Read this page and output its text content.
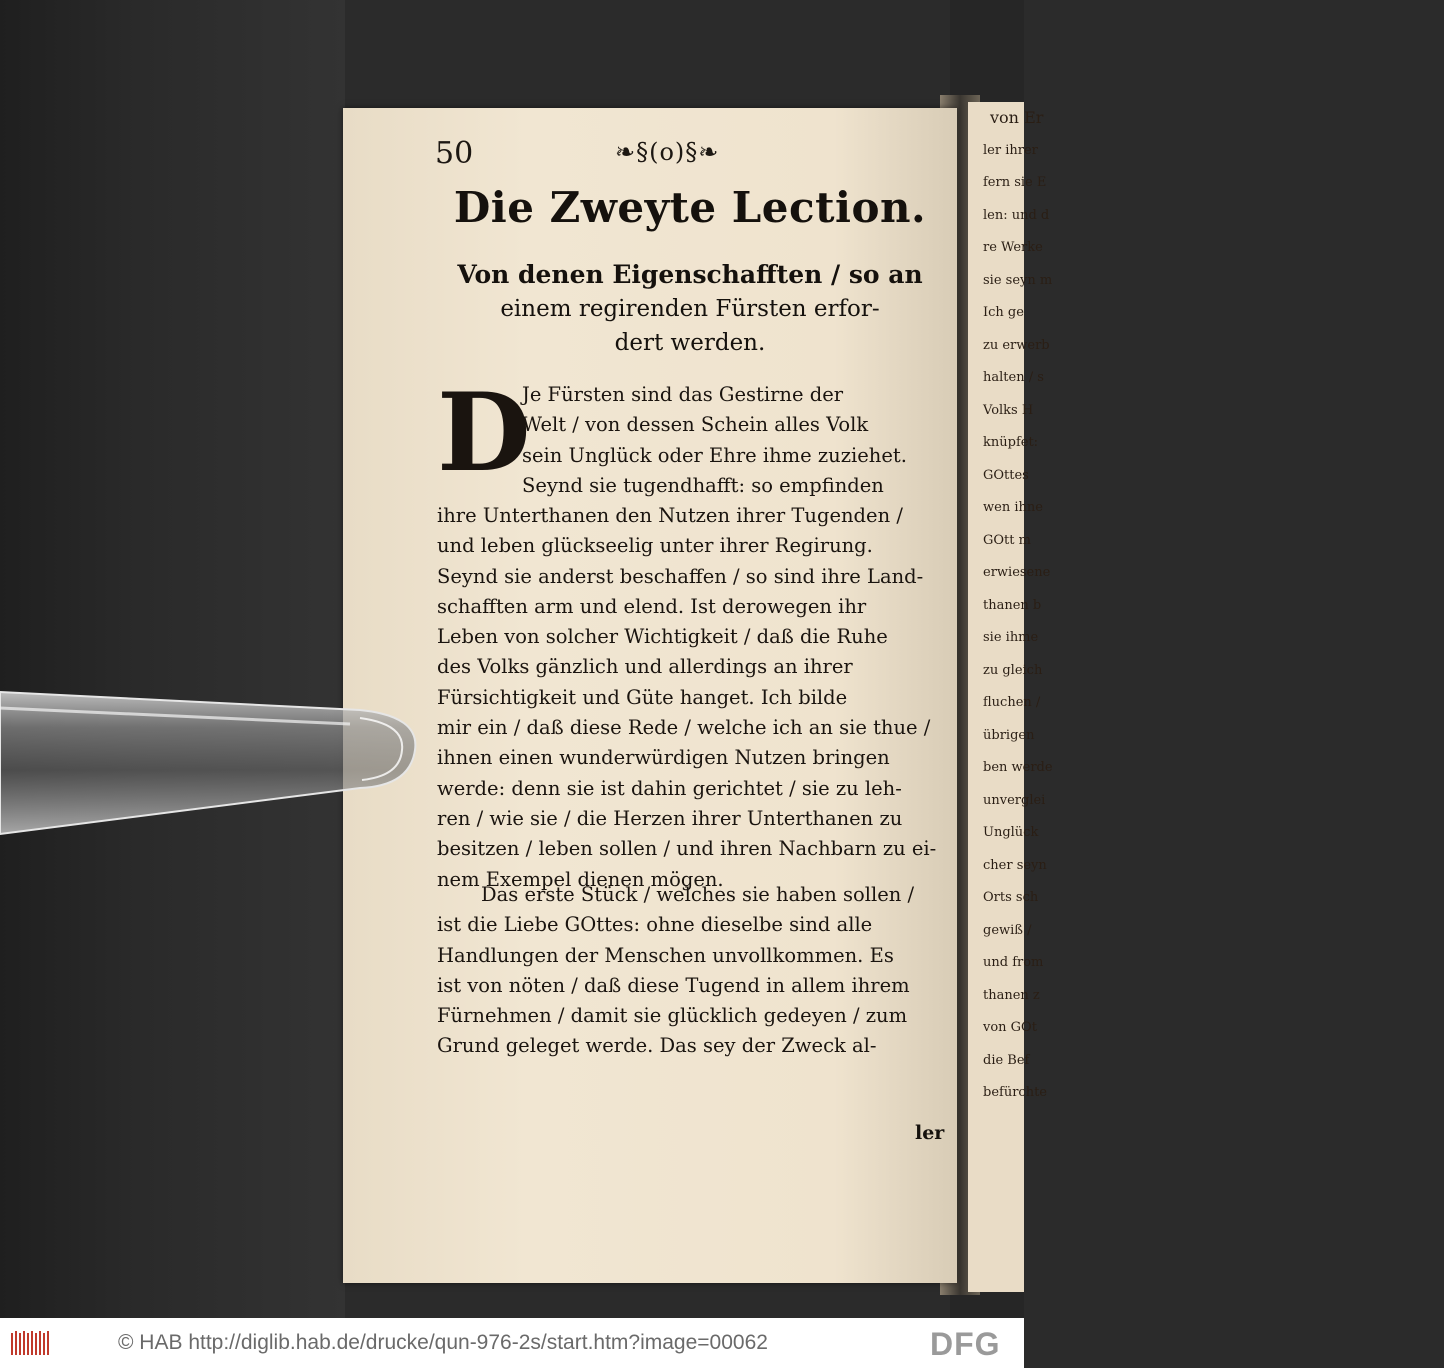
von Er
ler ihrer
fern sie E
len: und d
re Werke
sie seyn m
Ich ge
zu erwerb
halten / s
Volks H
knüpfet:
GOttes
wen ihne
GOtt m
erwiesene
thanen b
sie ihme
zu gleich
fluchen /
übrigen
ben werde
unverglei
Unglück
cher seyn
Orts sch
gewiß /
und from
thanen z
von GOt
die Bef
befürchte
50	❧§(o)§❧
Die Zweyte Lection.
Von denen Eigenschafften / so an
einem regirenden Fürsten erfor-
dert werden.
D
Je Fürsten sind das Gestirne der
Welt / von dessen Schein alles Volk
sein Unglück oder Ehre ihme zuziehet.
Seynd sie tugendhafft: so empfinden
ihre Unterthanen den Nutzen ihrer Tugenden /
und leben glückseelig unter ihrer Regirung.
Seynd sie anderst beschaffen / so sind ihre Land-
schafften arm und elend. Ist derowegen ihr
Leben von solcher Wichtigkeit / daß die Ruhe
des Volks gänzlich und allerdings an ihrer
Fürsichtigkeit und Güte hanget. Ich bilde
mir ein / daß diese Rede / welche ich an sie thue /
ihnen einen wunderwürdigen Nutzen bringen
werde: denn sie ist dahin gerichtet / sie zu leh-
ren / wie sie / die Herzen ihrer Unterthanen zu
besitzen / leben sollen / und ihren Nachbarn zu ei-
nem Exempel dienen mögen.
Das erste Stück / welches sie haben sollen /
ist die Liebe GOttes: ohne dieselbe sind alle
Handlungen der Menschen unvollkommen. Es
ist von nöten / daß diese Tugend in allem ihrem
Fürnehmen / damit sie glücklich gedeyen / zum
Grund geleget werde. Das sey der Zweck al-
ler
© HAB http://diglib.hab.de/drucke/qun-976-2s/start.htm?image=00062	DFG
